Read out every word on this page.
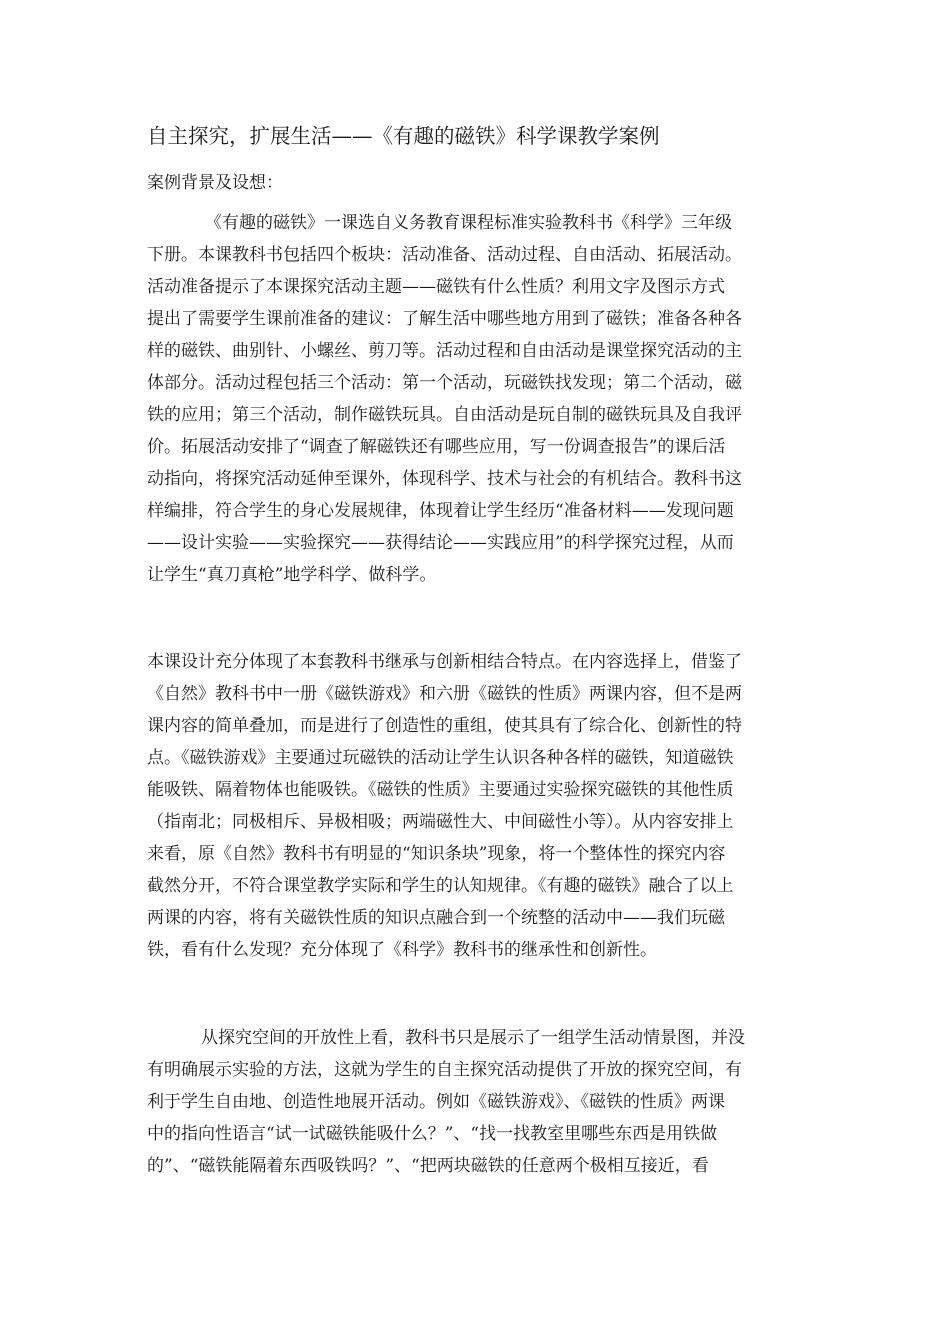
自主探究，扩展生活——《有趣的磁铁》科学课教学案例
案例背景及设想：
《有趣的磁铁》一课选自义务教育课程标准实验教科书《科学》三年级
下册。本课教科书包括四个板块：活动准备、活动过程、自由活动、拓展活动。
活动准备提示了本课探究活动主题——磁铁有什么性质？利用文字及图示方式
提出了需要学生课前准备的建议：了解生活中哪些地方用到了磁铁；准备各种各
样的磁铁、曲别针、小螺丝、剪刀等。活动过程和自由活动是课堂探究活动的主
体部分。活动过程包括三个活动：第一个活动，玩磁铁找发现；第二个活动，磁
铁的应用；第三个活动，制作磁铁玩具。自由活动是玩自制的磁铁玩具及自我评
价。拓展活动安排了“调查了解磁铁还有哪些应用，写一份调查报告”的课后活
动指向，将探究活动延伸至课外，体现科学、技术与社会的有机结合。教科书这
样编排，符合学生的身心发展规律，体现着让学生经历“准备材料——发现问题
——设计实验——实验探究——获得结论——实践应用”的科学探究过程，从而
让学生“真刀真枪”地学科学、做科学。
本课设计充分体现了本套教科书继承与创新相结合特点。在内容选择上，借鉴了
《自然》教科书中一册《磁铁游戏》和六册《磁铁的性质》两课内容，但不是两
课内容的简单叠加，而是进行了创造性的重组，使其具有了综合化、创新性的特
点。《磁铁游戏》主要通过玩磁铁的活动让学生认识各种各样的磁铁，知道磁铁
能吸铁、隔着物体也能吸铁。《磁铁的性质》主要通过实验探究磁铁的其他性质
（指南北；同极相斥、异极相吸；两端磁性大、中间磁性小等）。从内容安排上
来看，原《自然》教科书有明显的“知识条块”现象，将一个整体性的探究内容
截然分开，不符合课堂教学实际和学生的认知规律。《有趣的磁铁》融合了以上
两课的内容，将有关磁铁性质的知识点融合到一个统整的活动中——我们玩磁
铁，看有什么发现？充分体现了《科学》教科书的继承性和创新性。
从探究空间的开放性上看，教科书只是展示了一组学生活动情景图，并没
有明确展示实验的方法，这就为学生的自主探究活动提供了开放的探究空间，有
利于学生自由地、创造性地展开活动。例如《磁铁游戏》、《磁铁的性质》两课
中的指向性语言“试一试磁铁能吸什么？”、“找一找教室里哪些东西是用铁做
的”、“磁铁能隔着东西吸铁吗？”、“把两块磁铁的任意两个极相互接近，看
